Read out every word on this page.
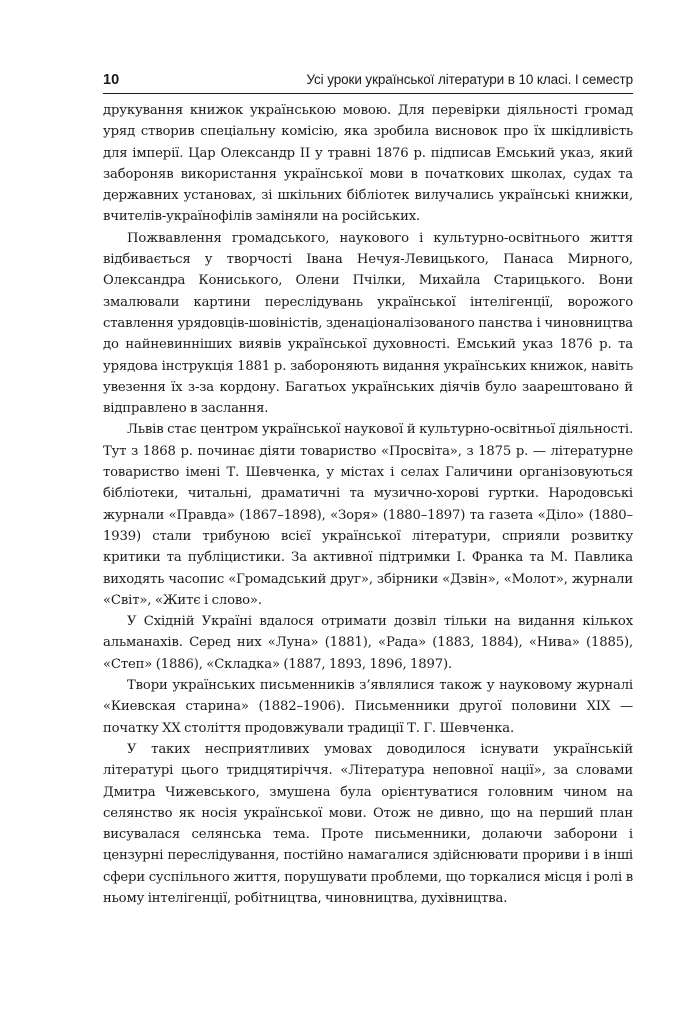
10	Усі уроки української літератури в 10 класі. І семестр

друкування книжок українською мовою. Для перевірки діяльності громад уряд створив спеціальну комісію, яка зробила висновок про їх шкідливість для імперії. Цар Олександр II у травні 1876 р. підписав Емський указ, який забороняв використання української мови в початкових школах, судах та державних установах, зі шкільних бібліотек вилучались українські книжки, вчителів-українофілів заміняли на російських.

Пожвавлення громадського, наукового і культурно-освітнього життя відбивається у творчості Івана Нечуя-Левицького, Панаса Мирного, Олександра Кониського, Олени Пчілки, Михайла Старицького. Вони змалювали картини переслідувань української інтелігенції, ворожого ставлення урядовців-шовіністів, зденаціоналізованого панства і чиновництва до найневинніших виявів української духовності. Емський указ 1876 р. та урядова інструкція 1881 р. забороняють видання українських книжок, навіть увезення їх з-за кордону. Багатьох українських діячів було заарештовано й відправлено в заслання.

Львів стає центром української наукової й культурно-освітньої діяльності. Тут з 1868 р. починає діяти товариство «Просвіта», з 1875 р. — літературне товариство імені Т. Шевченка, у містах і селах Галичини організовуються бібліотеки, читальні, драматичні та музично-хорові гуртки. Народовські журнали «Правда» (1867–1898), «Зоря» (1880–1897) та газета «Діло» (1880–1939) стали трибуною всієї української літератури, сприяли розвитку критики та публіцистики. За активної підтримки І. Франка та М. Павлика виходять часопис «Громадський друг», збірники «Дзвін», «Молот», журнали «Світ», «Житє і слово».

У Східній Україні вдалося отримати дозвіл тільки на видання кількох альманахів. Серед них «Луна» (1881), «Рада» (1883, 1884), «Нива» (1885), «Степ» (1886), «Складка» (1887, 1893, 1896, 1897).

Твори українських письменників з’являлися також у науковому журналі «Киевская старина» (1882–1906). Письменники другої половини XIX — початку XX століття продовжували традиції Т. Г. Шевченка.

У таких несприятливих умовах доводилося існувати українській літературі цього тридцятиріччя. «Література неповної нації», за словами Дмитра Чижевського, змушена була орієнтуватися головним чином на селянство як носія української мови. Отож не дивно, що на перший план висувалася селянська тема. Проте письменники, долаючи заборони і цензурні переслідування, постійно намагалися здійснювати прориви і в інші сфери суспільного життя, порушувати проблеми, що торкалися місця і ролі в ньому інтелігенції, робітництва, чиновництва, духівництва.
